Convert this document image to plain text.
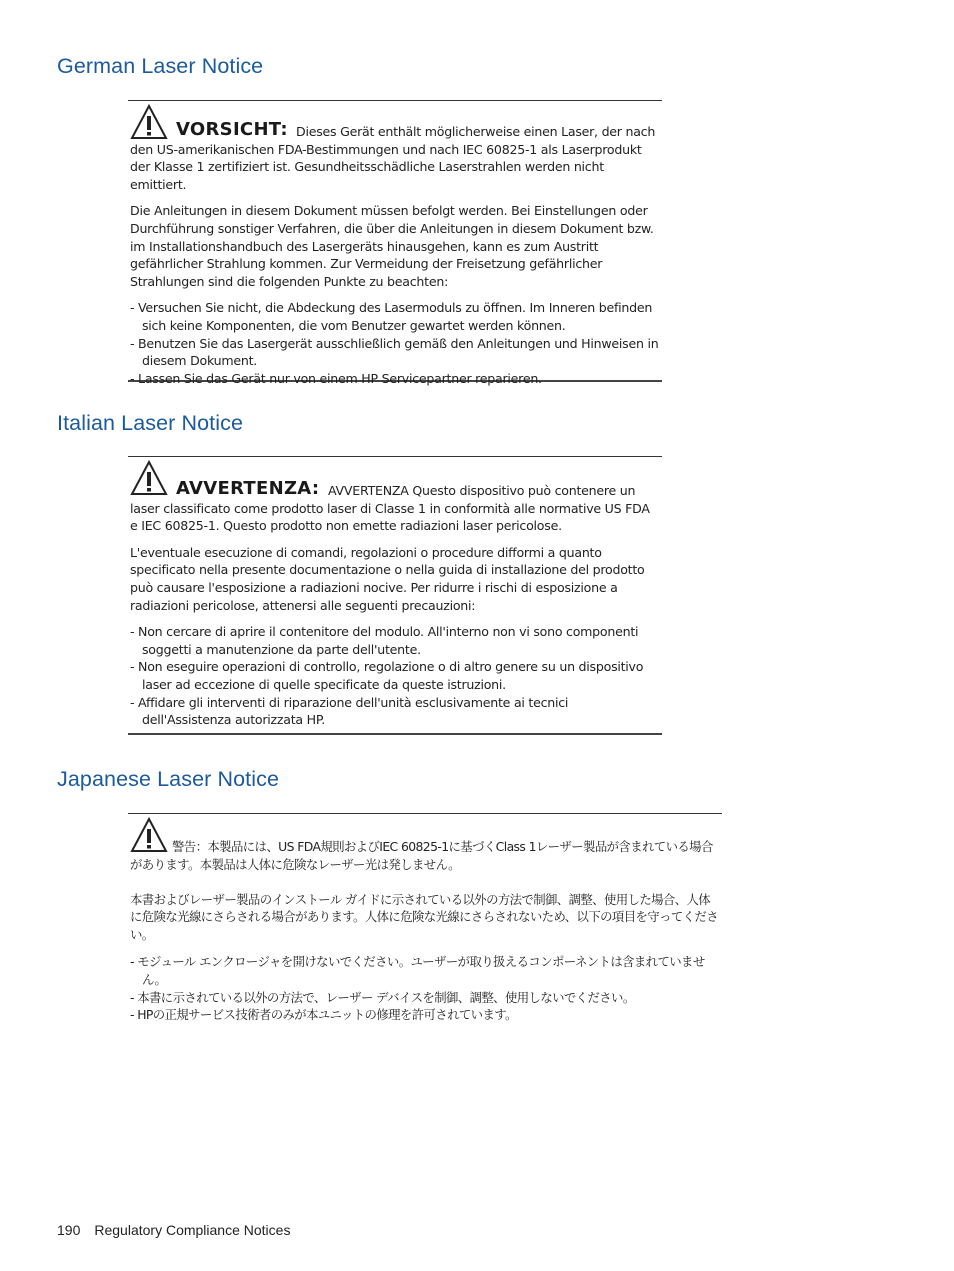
German Laser Notice

VORSICHT: Dieses Gerät enthält möglicherweise einen Laser, der nach den US-amerikanischen FDA-Bestimmungen und nach IEC 60825-1 als Laserprodukt der Klasse 1 zertifiziert ist. Gesundheitsschädliche Laserstrahlen werden nicht emittiert.

Die Anleitungen in diesem Dokument müssen befolgt werden. Bei Einstellungen oder Durchführung sonstiger Verfahren, die über die Anleitungen in diesem Dokument bzw. im Installationshandbuch des Lasergeräts hinausgehen, kann es zum Austritt gefährlicher Strahlung kommen. Zur Vermeidung der Freisetzung gefährlicher Strahlungen sind die folgenden Punkte zu beachten:

- Versuchen Sie nicht, die Abdeckung des Lasermoduls zu öffnen. Im Inneren befinden sich keine Komponenten, die vom Benutzer gewartet werden können.

- Benutzen Sie das Lasergerät ausschließlich gemäß den Anleitungen und Hinweisen in diesem Dokument.

- Lassen Sie das Gerät nur von einem HP Servicepartner reparieren.

Italian Laser Notice

AVVERTENZA: AVVERTENZA Questo dispositivo può contenere un laser classificato come prodotto laser di Classe 1 in conformità alle normative US FDA e IEC 60825-1. Questo prodotto non emette radiazioni laser pericolose.

L'eventuale esecuzione di comandi, regolazioni o procedure difformi a quanto specificato nella presente documentazione o nella guida di installazione del prodotto può causare l'esposizione a radiazioni nocive. Per ridurre i rischi di esposizione a radiazioni pericolose, attenersi alle seguenti precauzioni:

- Non cercare di aprire il contenitore del modulo. All'interno non vi sono componenti soggetti a manutenzione da parte dell'utente.

- Non eseguire operazioni di controllo, regolazione o di altro genere su un dispositivo laser ad eccezione di quelle specificate da queste istruzioni.

- Affidare gli interventi di riparazione dell'unità esclusivamente ai tecnici dell'Assistenza autorizzata HP.

Japanese Laser Notice

警告：本製品には、US FDA規則およびIEC 60825-1に基づくClass 1レーザー製品が含まれている場合があります。本製品は人体に危険なレーザー光は発しません。

本書およびレーザー製品のインストール ガイドに示されている以外の方法で制御、調整、使用した場合、人体に危険な光線にさらされる場合があります。人体に危険な光線にさらされないため、以下の項目を守ってください。

- モジュール エンクロージャを開けないでください。ユーザーが取り扱えるコンポーネントは含まれていません。

- 本書に示されている以外の方法で、レーザー デバイスを制御、調整、使用しないでください。

- HPの正規サービス技術者のみが本ユニットの修理を許可されています。

190 Regulatory Compliance Notices
